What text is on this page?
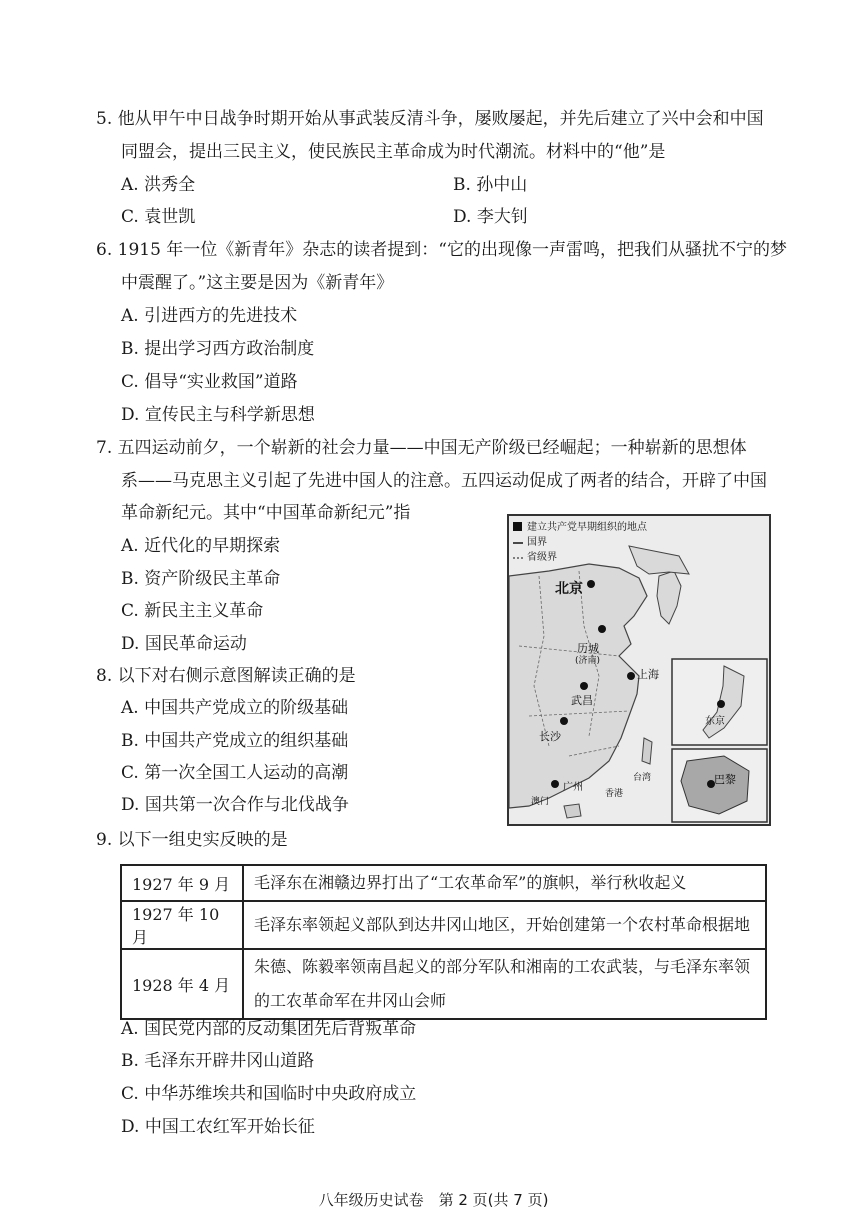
5. 他从甲午中日战争时期开始从事武装反清斗争，屡败屡起，并先后建立了兴中会和中国
同盟会，提出三民主义，使民族民主革命成为时代潮流。材料中的“他”是
A. 洪秀全	B. 孙中山
C. 袁世凯	D. 李大钊
6. 1915 年一位《新青年》杂志的读者提到：“它的出现像一声雷鸣，把我们从骚扰不宁的梦
中震醒了。”这主要是因为《新青年》
A. 引进西方的先进技术
B. 提出学习西方政治制度
C. 倡导“实业救国”道路
D. 宣传民主与科学新思想
7. 五四运动前夕，一个崭新的社会力量——中国无产阶级已经崛起；一种崭新的思想体
系——马克思主义引起了先进中国人的注意。五四运动促成了两者的结合，开辟了中国
革命新纪元。其中“中国革命新纪元”指
A. 近代化的早期探索
B. 资产阶级民主革命
C. 新民主主义革命
D. 国民革命运动
8. 以下对右侧示意图解读正确的是
A. 中国共产党成立的阶级基础
B. 中国共产党成立的组织基础
C. 第一次全国工人运动的高潮
D. 国共第一次合作与北伐战争
建立共产党早期组织的地点
国界
省级界
北京
历城
(济南)
上海
武昌
长沙
广州
香港
澳门
台湾
东京
巴黎
9. 以下一组史实反映的是
1927 年 9 月	毛泽东在湘赣边界打出了“工农革命军”的旗帜，举行秋收起义
1927 年 10 月	毛泽东率领起义部队到达井冈山地区，开始创建第一个农村革命根据地
1928 年 4 月	朱德、陈毅率领南昌起义的部分军队和湘南的工农武装，与毛泽东率领的工农革命军在井冈山会师
A. 国民党内部的反动集团先后背叛革命
B. 毛泽东开辟井冈山道路
C. 中华苏维埃共和国临时中央政府成立
D. 中国工农红军开始长征
八年级历史试卷　第 2 页(共 7 页)
